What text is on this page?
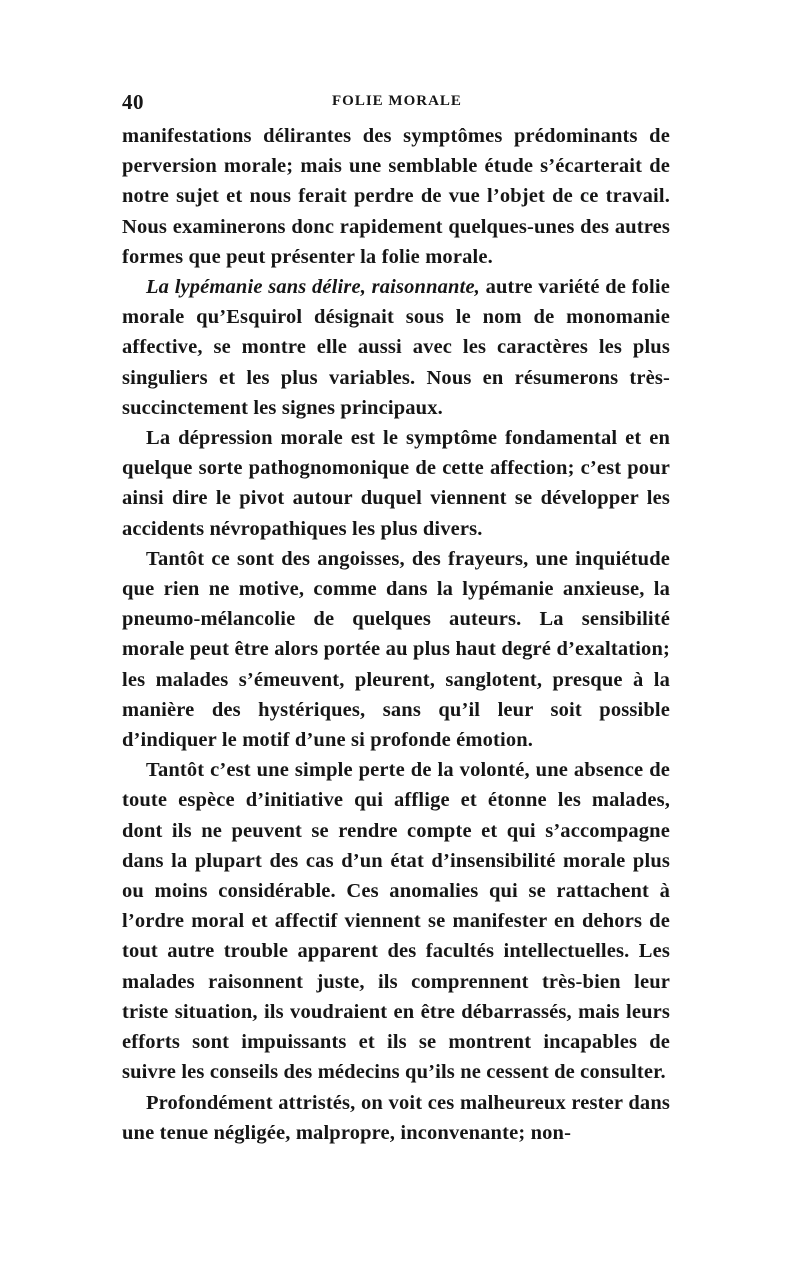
40	FOLIE MORALE

manifestations délirantes des symptômes prédominants de perversion morale; mais une semblable étude s’écarterait de notre sujet et nous ferait perdre de vue l’objet de ce travail. Nous examinerons donc rapidement quelques-unes des autres formes que peut présenter la folie morale.

La lypémanie sans délire, raisonnante, autre variété de folie morale qu’Esquirol désignait sous le nom de monomanie affective, se montre elle aussi avec les caractères les plus singuliers et les plus variables. Nous en résumerons très-succinctement les signes principaux.

La dépression morale est le symptôme fondamental et en quelque sorte pathognomonique de cette affection; c’est pour ainsi dire le pivot autour duquel viennent se développer les accidents névropathiques les plus divers.

Tantôt ce sont des angoisses, des frayeurs, une inquiétude que rien ne motive, comme dans la lypémanie anxieuse, la pneumo-mélancolie de quelques auteurs. La sensibilité morale peut être alors portée au plus haut degré d’exaltation; les malades s’émeuvent, pleurent, sanglotent, presque à la manière des hystériques, sans qu’il leur soit possible d’indiquer le motif d’une si profonde émotion.

Tantôt c’est une simple perte de la volonté, une absence de toute espèce d’initiative qui afflige et étonne les malades, dont ils ne peuvent se rendre compte et qui s’accompagne dans la plupart des cas d’un état d’insensibilité morale plus ou moins considérable. Ces anomalies qui se rattachent à l’ordre moral et affectif viennent se manifester en dehors de tout autre trouble apparent des facultés intellectuelles. Les malades raisonnent juste, ils comprennent très-bien leur triste situation, ils voudraient en être débarrassés, mais leurs efforts sont impuissants et ils se montrent incapables de suivre les conseils des médecins qu’ils ne cessent de consulter.

Profondément attristés, on voit ces malheureux rester dans une tenue négligée, malpropre, inconvenante; non-
